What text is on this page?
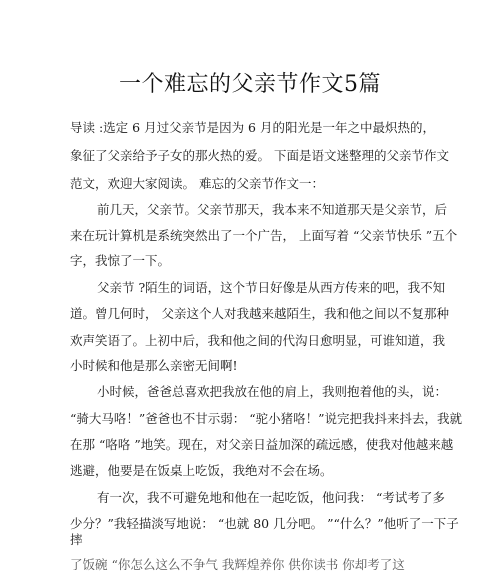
一个难忘的父亲节作文5篇
导读 :选定 6 月过父亲节是因为 6 月的阳光是一年之中最炽热的，
象征了父亲给予子女的那火热的爱。 下面是语文迷整理的父亲节作文
范文，欢迎大家阅读。 难忘的父亲节作文一：
前几天，父亲节。父亲节那天，我本来不知道那天是父亲节，后
来在玩计算机是系统突然出了一个广告， 上面写着 “父亲节快乐 ”五个
字，我惊了一下。
父亲节 ?陌生的词语，这个节日好像是从西方传来的吧，我不知
道。曾几何时， 父亲这个人对我越来越陌生，我和他之间以不复那种
欢声笑语了。上初中后，我和他之间的代沟日愈明显，可谁知道，我
小时候和他是那么亲密无间啊!
小时候，爸爸总喜欢把我放在他的肩上，我则抱着他的头，说：
“骑大马咯！”爸爸也不甘示弱： “驼小猪咯！”说完把我抖来抖去，我就
在那 “咯咯 ”地笑。现在，对父亲日益加深的疏远感，使我对他越来越
逃避，他要是在饭桌上吃饭，我绝对不会在场。
有一次，我不可避免地和他在一起吃饭，他问我： “考试考了多
少分？”我轻描淡写地说： “也就 80 几分吧。 ”“什么？”他听了一下子
摔
了饭碗 “你怎么这么不争气 我辉煌养你 供你读书 你却考了这
